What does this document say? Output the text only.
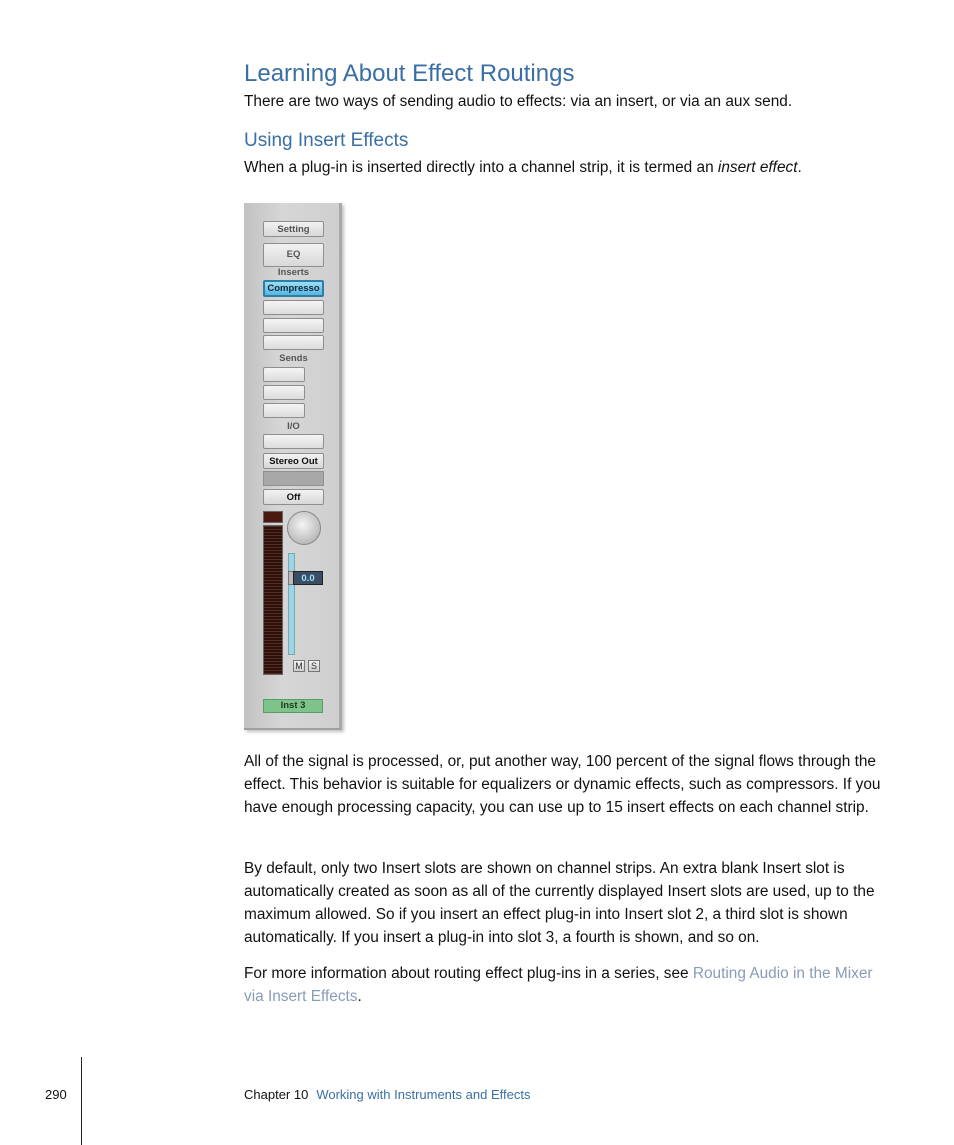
Learning About Effect Routings
There are two ways of sending audio to effects: via an insert, or via an aux send.
Using Insert Effects
When a plug-in is inserted directly into a channel strip, it is termed an insert effect.
Setting
EQ
Inserts
Compresso
Sends
I/O
Stereo Out
Off
0.0
M S
Inst 3
All of the signal is processed, or, put another way, 100 percent of the signal flows through the effect. This behavior is suitable for equalizers or dynamic effects, such as compressors. If you have enough processing capacity, you can use up to 15 insert effects on each channel strip.
By default, only two Insert slots are shown on channel strips. An extra blank Insert slot is automatically created as soon as all of the currently displayed Insert slots are used, up to the maximum allowed. So if you insert an effect plug-in into Insert slot 2, a third slot is shown automatically. If you insert a plug-in into slot 3, a fourth is shown, and so on.
For more information about routing effect plug-ins in a series, see Routing Audio in the Mixer via Insert Effects.
290	Chapter 10 Working with Instruments and Effects
